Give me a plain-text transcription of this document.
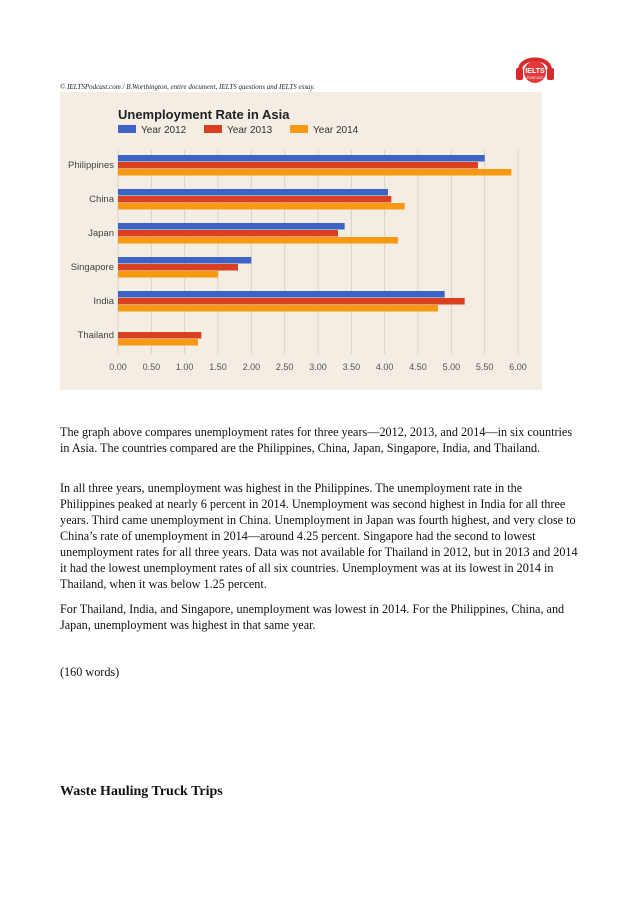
© IELTSPodcast.com / B.Worthington, entire document, IELTS questions and IELTS essay.
IELTS
PODCAST
Unemployment Rate in Asia
Year 2012	Year 2013	Year 2014
Philippines
China
Japan
Singapore
India
Thailand
0.00 0.50 1.00 1.50 2.00 2.50 3.00 3.50 4.00 4.50 5.00 5.50 6.00

The graph above compares unemployment rates for three years—2012, 2013, and 2014—in six countries in Asia. The countries compared are the Philippines, China, Japan, Singapore, India, and Thailand.

In all three years, unemployment was highest in the Philippines. The unemployment rate in the Philippines peaked at nearly 6 percent in 2014. Unemployment was second highest in India for all three years. Third came unemployment in China. Unemployment in Japan was fourth highest, and very close to China’s rate of unemployment in 2014—around 4.25 percent. Singapore had the second to lowest unemployment rates for all three years. Data was not available for Thailand in 2012, but in 2013 and 2014 it had the lowest unemployment rates of all six countries. Unemployment was at its lowest in 2014 in Thailand, when it was below 1.25 percent.

For Thailand, India, and Singapore, unemployment was lowest in 2014. For the Philippines, China, and Japan, unemployment was highest in that same year.

(160 words)

Waste Hauling Truck Trips
